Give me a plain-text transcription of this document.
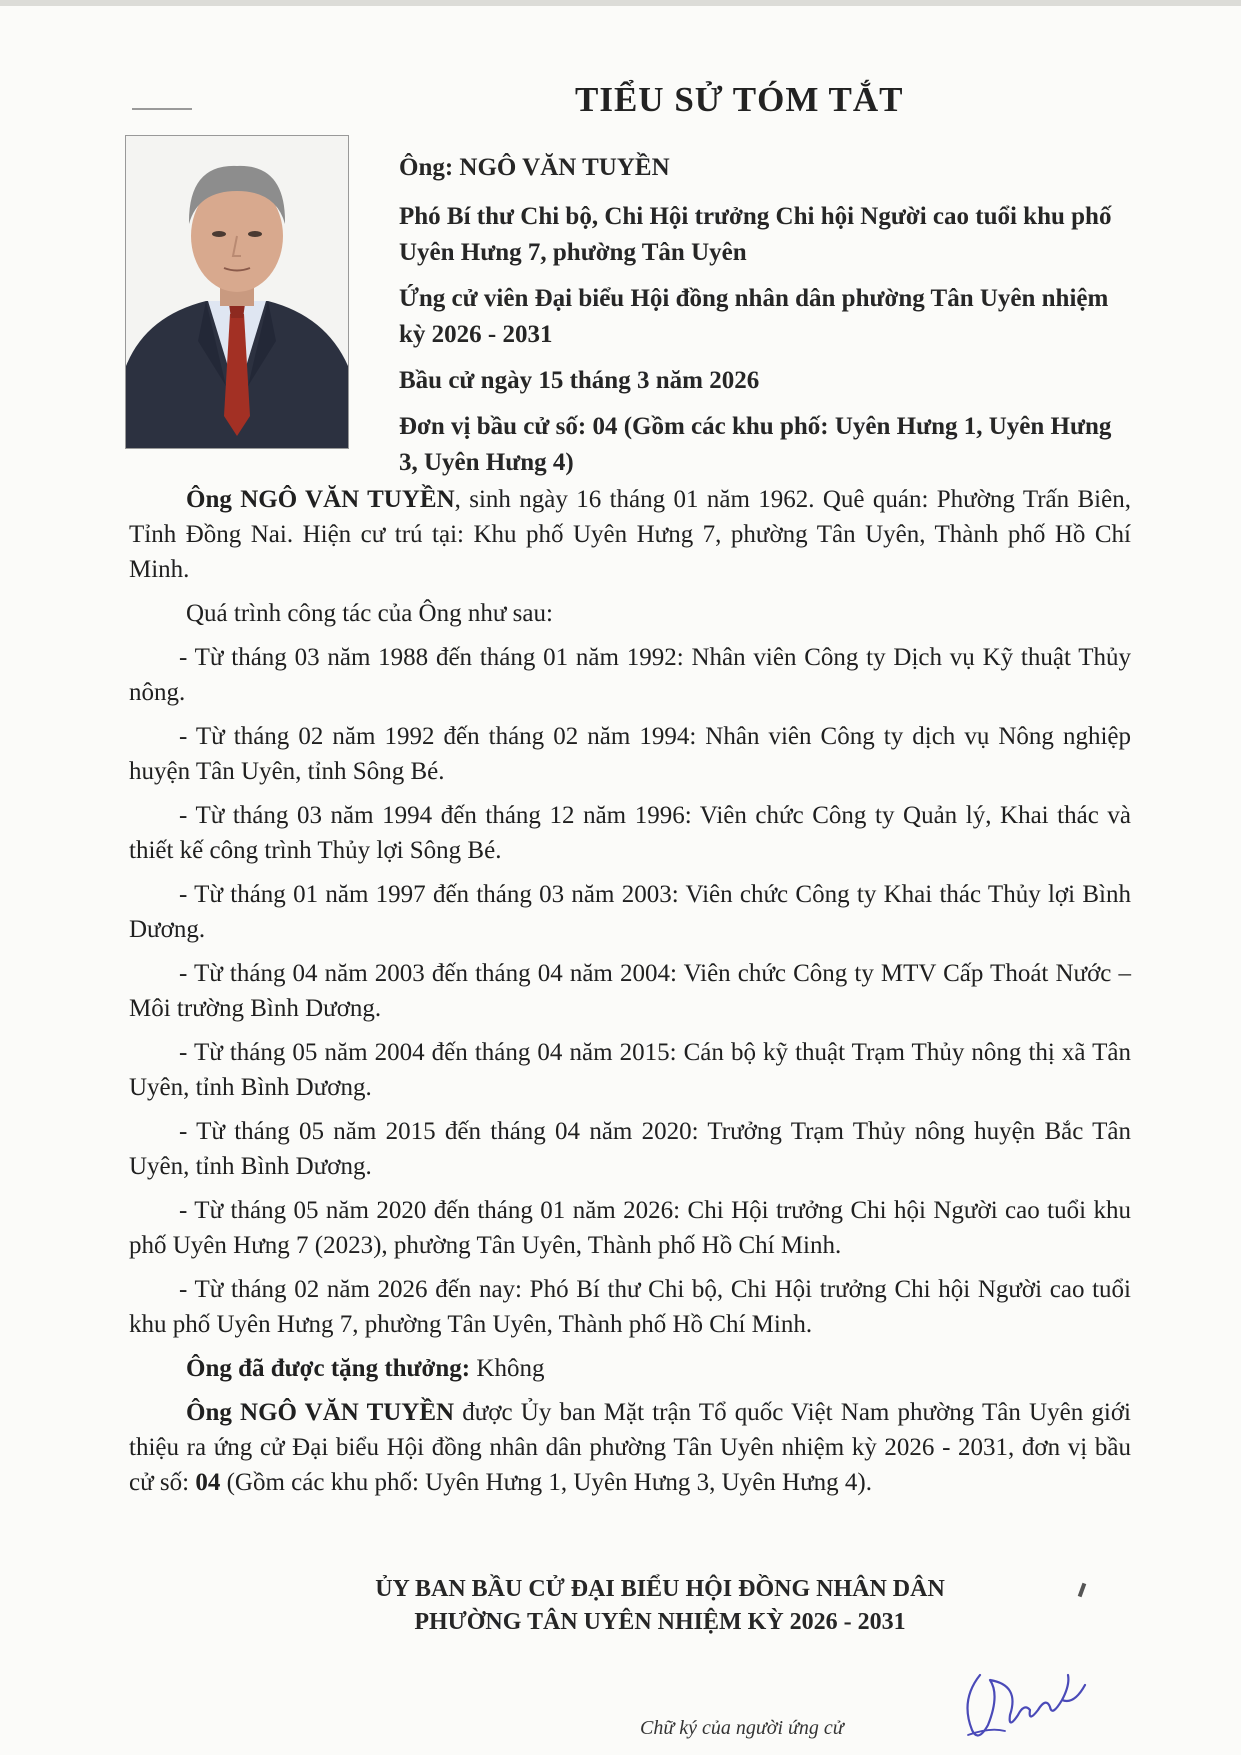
TIỂU SỬ TÓM TẮT

Ông: NGÔ VĂN TUYỀN

Phó Bí thư Chi bộ, Chi Hội trưởng Chi hội Người cao tuổi khu phố Uyên Hưng 7, phường Tân Uyên

Ứng cử viên Đại biểu Hội đồng nhân dân phường Tân Uyên nhiệm kỳ 2026 - 2031

Bầu cử ngày 15 tháng 3 năm 2026

Đơn vị bầu cử số: 04 (Gồm các khu phố: Uyên Hưng 1, Uyên Hưng 3, Uyên Hưng 4)

Ông NGÔ VĂN TUYỀN, sinh ngày 16 tháng 01 năm 1962. Quê quán: Phường Trấn Biên, Tỉnh Đồng Nai. Hiện cư trú tại: Khu phố Uyên Hưng 7, phường Tân Uyên, Thành phố Hồ Chí Minh.

Quá trình công tác của Ông như sau:

- Từ tháng 03 năm 1988 đến tháng 01 năm 1992: Nhân viên Công ty Dịch vụ Kỹ thuật Thủy nông.

- Từ tháng 02 năm 1992 đến tháng 02 năm 1994: Nhân viên Công ty dịch vụ Nông nghiệp huyện Tân Uyên, tỉnh Sông Bé.

- Từ tháng 03 năm 1994 đến tháng 12 năm 1996: Viên chức Công ty Quản lý, Khai thác và thiết kế công trình Thủy lợi Sông Bé.

- Từ tháng 01 năm 1997 đến tháng 03 năm 2003: Viên chức Công ty Khai thác Thủy lợi Bình Dương.

- Từ tháng 04 năm 2003 đến tháng 04 năm 2004: Viên chức Công ty MTV Cấp Thoát Nước – Môi trường Bình Dương.

- Từ tháng 05 năm 2004 đến tháng 04 năm 2015: Cán bộ kỹ thuật Trạm Thủy nông thị xã Tân Uyên, tỉnh Bình Dương.

- Từ tháng 05 năm 2015 đến tháng 04 năm 2020: Trưởng Trạm Thủy nông huyện Bắc Tân Uyên, tỉnh Bình Dương.

- Từ tháng 05 năm 2020 đến tháng 01 năm 2026: Chi Hội trưởng Chi hội Người cao tuổi khu phố Uyên Hưng 7 (2023), phường Tân Uyên, Thành phố Hồ Chí Minh.

- Từ tháng 02 năm 2026 đến nay: Phó Bí thư Chi bộ, Chi Hội trưởng Chi hội Người cao tuổi khu phố Uyên Hưng 7, phường Tân Uyên, Thành phố Hồ Chí Minh.

Ông đã được tặng thưởng: Không

Ông NGÔ VĂN TUYỀN được Ủy ban Mặt trận Tổ quốc Việt Nam phường Tân Uyên giới thiệu ra ứng cử Đại biểu Hội đồng nhân dân phường Tân Uyên nhiệm kỳ 2026 - 2031, đơn vị bầu cử số: 04 (Gồm các khu phố: Uyên Hưng 1, Uyên Hưng 3, Uyên Hưng 4).

ỦY BAN BẦU CỬ ĐẠI BIỂU HỘI ĐỒNG NHÂN DÂN
PHƯỜNG TÂN UYÊN NHIỆM KỲ 2026 - 2031
Chữ ký của người ứng cử
